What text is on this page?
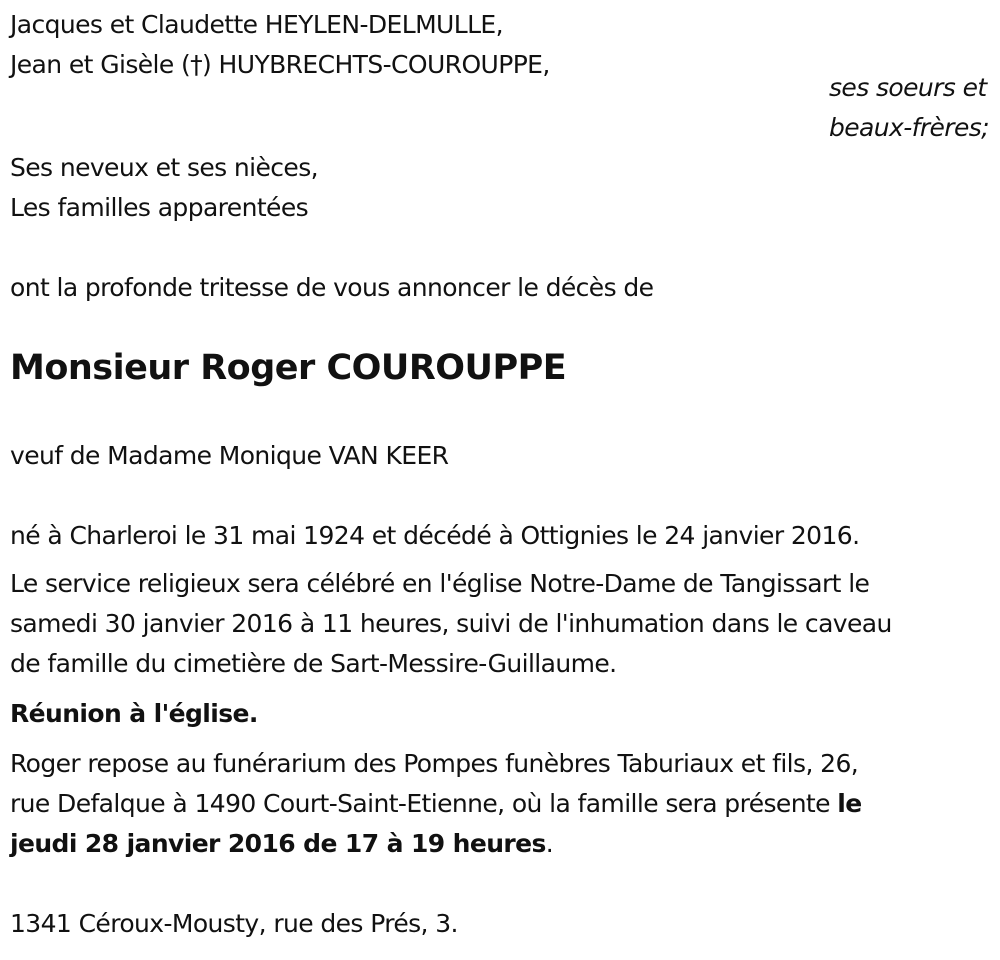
Jacques et Claudette HEYLEN-DELMULLE,
Jean et Gisèle (†) HUYBRECHTS-COUROUPPE,
ses soeurs et
beaux-frères;
Ses neveux et ses nièces,
Les familles apparentées
ont la profonde tritesse de vous annoncer le décès de
Monsieur Roger COUROUPPE
veuf de Madame Monique VAN KEER
né à Charleroi le 31 mai 1924 et décédé à Ottignies le 24 janvier 2016.
Le service religieux sera célébré en l'église Notre-Dame de Tangissart le
samedi 30 janvier 2016 à 11 heures, suivi de l'inhumation dans le caveau
de famille du cimetière de Sart-Messire-Guillaume.
Réunion à l'église.
Roger repose au funérarium des Pompes funèbres Taburiaux et fils, 26,
rue Defalque à 1490 Court-Saint-Etienne, où la famille sera présente le
jeudi 28 janvier 2016 de 17 à 19 heures.
1341 Céroux-Mousty, rue des Prés, 3.
